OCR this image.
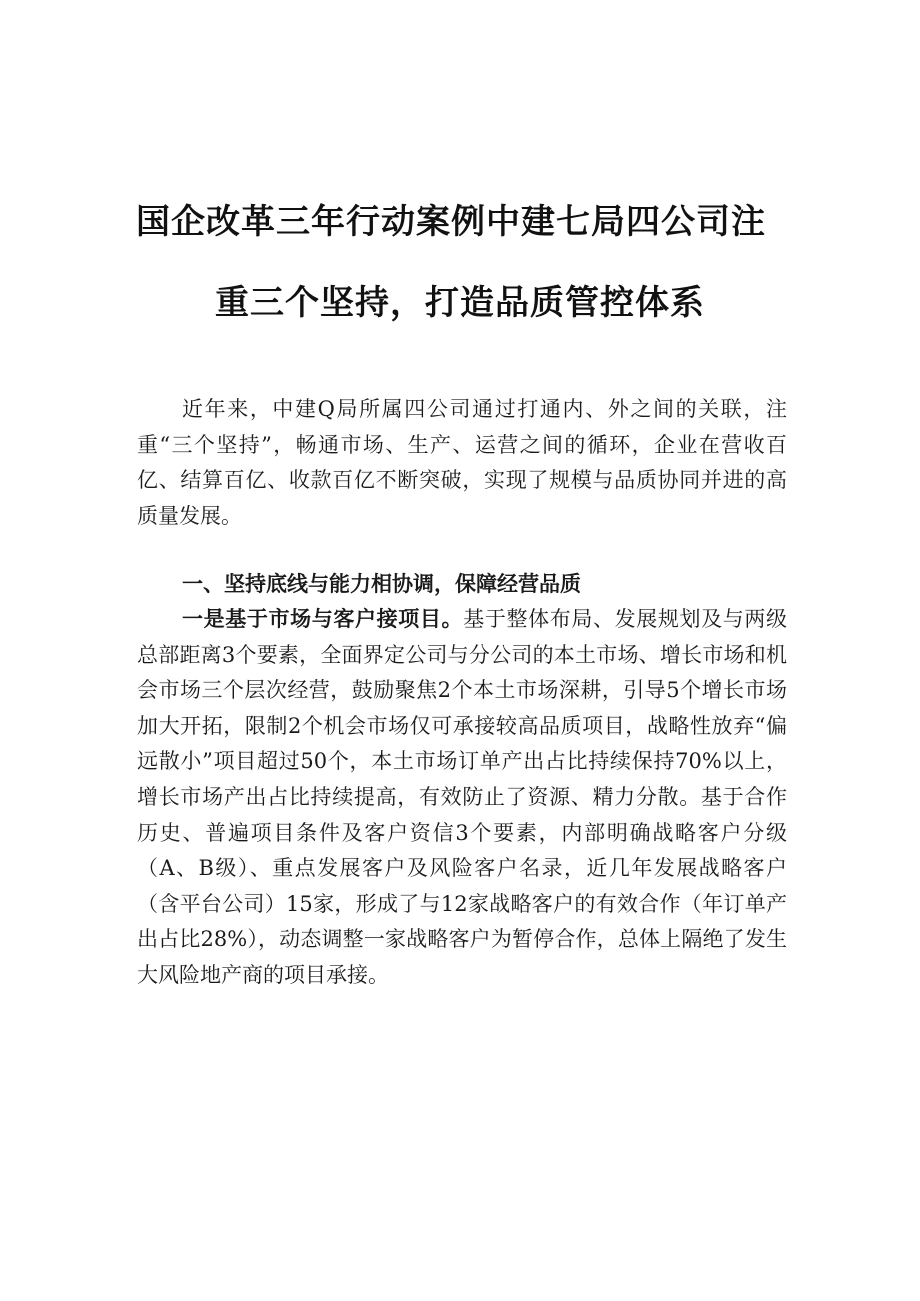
国企改革三年行动案例中建七局四公司注
重三个坚持，打造品质管控体系
近年来，中建Q局所属四公司通过打通内、外之间的关联，注重“三个坚持”，畅通市场、生产、运营之间的循环，企业在营收百亿、结算百亿、收款百亿不断突破，实现了规模与品质协同并进的高质量发展。
一、坚持底线与能力相协调，保障经营品质
一是基于市场与客户接项目。基于整体布局、发展规划及与两级总部距离3个要素，全面界定公司与分公司的本土市场、增长市场和机会市场三个层次经营，鼓励聚焦2个本土市场深耕，引导5个增长市场加大开拓，限制2个机会市场仅可承接较高品质项目，战略性放弃“偏远散小”项目超过50个，本土市场订单产出占比持续保持70%以上，增长市场产出占比持续提高，有效防止了资源、精力分散。基于合作历史、普遍项目条件及客户资信3个要素，内部明确战略客户分级（A、B级）、重点发展客户及风险客户名录，近几年发展战略客户（含平台公司）15家，形成了与12家战略客户的有效合作（年订单产出占比28%），动态调整一家战略客户为暂停合作，总体上隔绝了发生大风险地产商的项目承接。
